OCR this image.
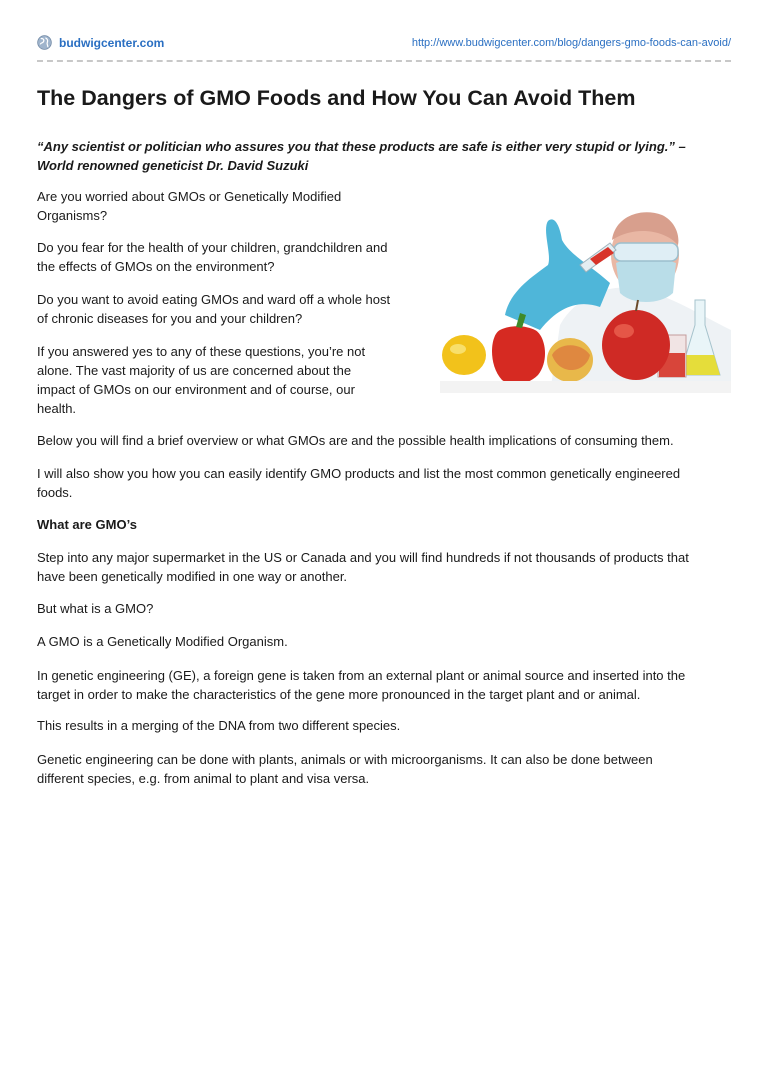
budwigcenter.com	http://www.budwigcenter.com/blog/dangers-gmo-foods-can-avoid/
The Dangers of GMO Foods and How You Can Avoid Them

“Any scientist or politician who assures you that these products are safe is either very stupid or lying.” –
World renowned geneticist Dr. David Suzuki

Are you worried about GMOs or Genetically Modified
Organisms?

Do you fear for the health of your children, grandchildren and
the effects of GMOs on the environment?

Do you want to avoid eating GMOs and ward off a whole host
of chronic diseases for you and your children?

If you answered yes to any of these questions, you’re not
alone. The vast majority of us are concerned about the
impact of GMOs on our environment and of course, our
health.

Below you will find a brief overview or what GMOs are and the possible health implications of consuming them.

I will also show you how you can easily identify GMO products and list the most common genetically engineered
foods.

What are GMO’s

Step into any major supermarket in the US or Canada and you will find hundreds if not thousands of products that
have been genetically modified in one way or another.

But what is a GMO?

A GMO is a Genetically Modified Organism.

In genetic engineering (GE), a foreign gene is taken from an external plant or animal source and inserted into the
target in order to make the characteristics of the gene more pronounced in the target plant and or animal.

This results in a merging of the DNA from two different species.

Genetic engineering can be done with plants, animals or with microorganisms. It can also be done between
different species, e.g. from animal to plant and visa versa.
